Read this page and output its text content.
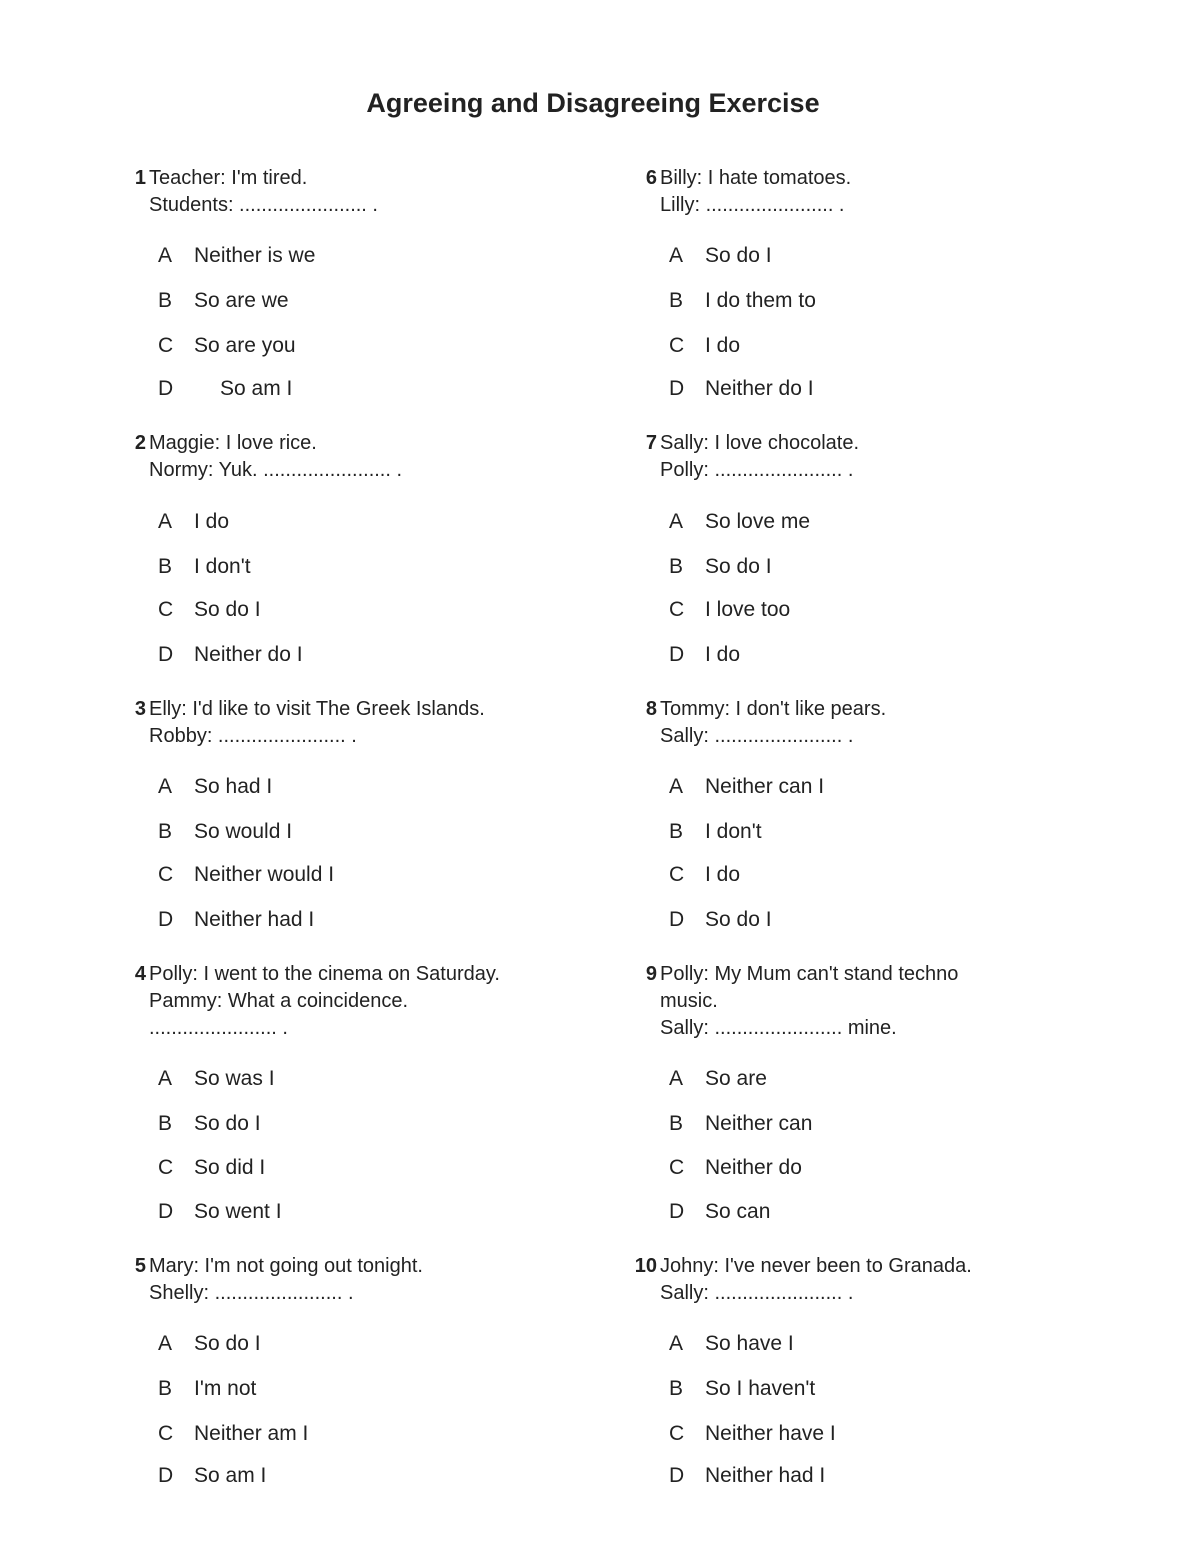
Agreeing and Disagreeing Exercise
1 Teacher: I'm tired.
Students: ....................... .
A Neither is we
B So are we
C So are you
D So am I
2 Maggie: I love rice.
Normy: Yuk. ....................... .
A I do
B I don't
C So do I
D Neither do I
3 Elly: I'd like to visit The Greek Islands.
Robby: ....................... .
A So had I
B So would I
C Neither would I
D Neither had I
4 Polly: I went to the cinema on Saturday.
Pammy: What a coincidence.
....................... .
A So was I
B So do I
C So did I
D So went I
5 Mary: I'm not going out tonight.
Shelly: ....................... .
A So do I
B I'm not
C Neither am I
D So am I
6 Billy: I hate tomatoes.
Lilly: ....................... .
A So do I
B I do them to
C I do
D Neither do I
7 Sally: I love chocolate.
Polly: ....................... .
A So love me
B So do I
C I love too
D I do
8 Tommy: I don't like pears.
Sally: ....................... .
A Neither can I
B I don't
C I do
D So do I
9 Polly: My Mum can't stand techno
music.
Sally: ....................... mine.
A So are
B Neither can
C Neither do
D So can
10 Johny: I've never been to Granada.
Sally: ....................... .
A So have I
B So I haven't
C Neither have I
D Neither had I
